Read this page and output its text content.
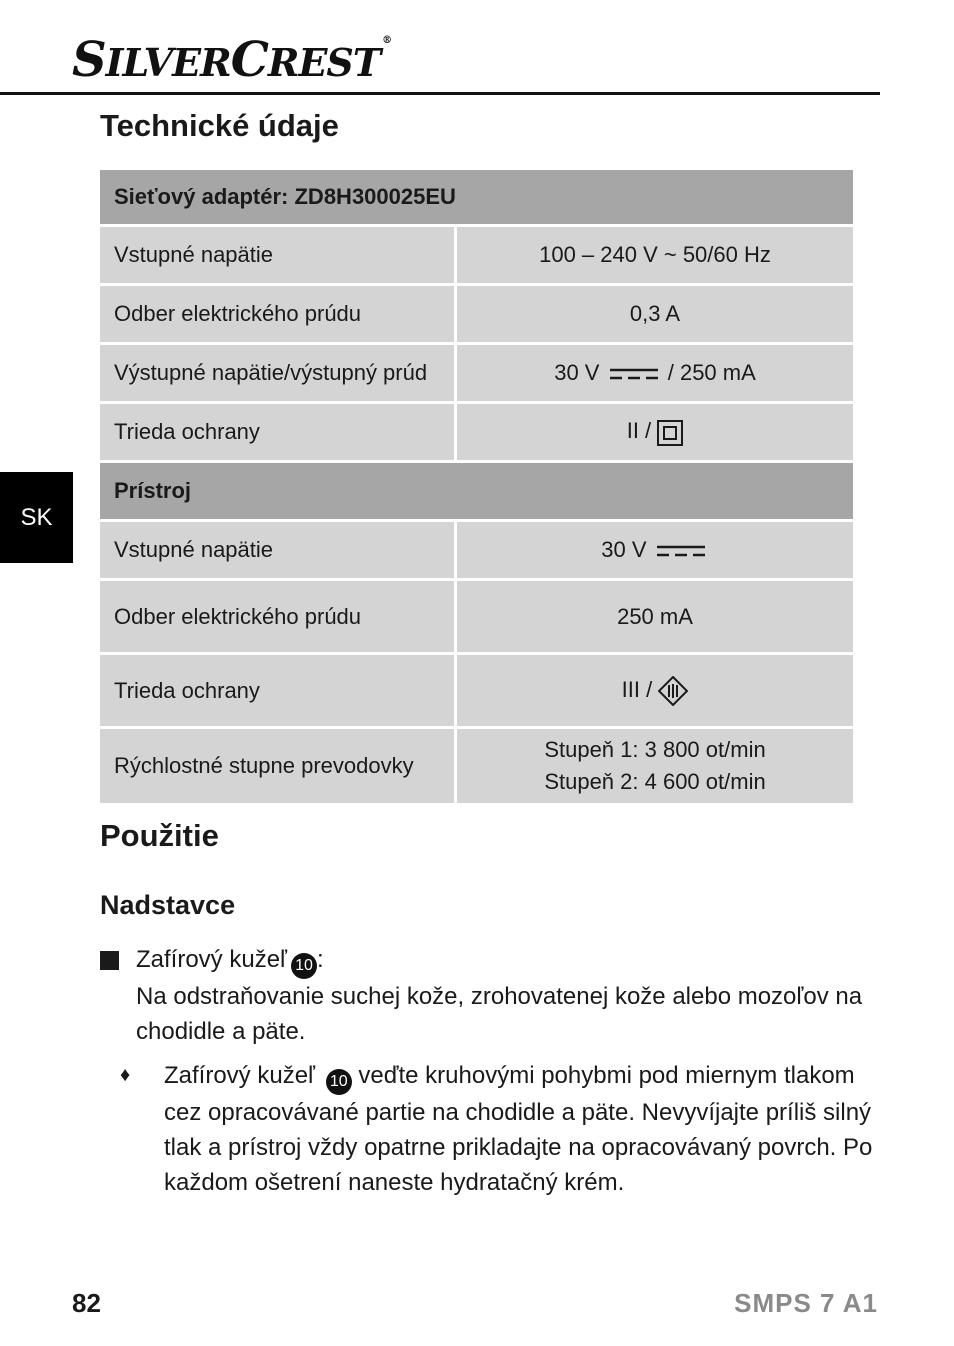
SILVERCREST ®
Technické údaje
Sieťový adaptér: ZD8H300025EU	
Vstupné napätie	100 – 240 V ~ 50/60 Hz
Odber elektrického prúdu	0,3 A
Výstupné napätie/výstupný prúd	30 V / 250 mA
Trieda ochrany	II /
Prístroj	
Vstupné napätie	30 V
Odber elektrického prúdu	250 mA
Trieda ochrany	III /
Rýchlostné stupne prevodovky	Stupeň 1: 3 800 ot/min
Stupeň 2: 4 600 ot/min
SK
Použitie
Nadstavce
Zafírový kužeľ 10 :
Na odstraňovanie suchej kože, zrohovatenej kože alebo mozoľov na chodidle a päte.
♦ Zafírový kužeľ 10 veďte kruhovými pohybmi pod miernym tlakom cez opracovávané partie na chodidle a päte. Nevyvíjajte príliš silný tlak a prístroj vždy opatrne prikladajte na opracovávaný povrch. Po každom ošetrení naneste hydratačný krém.
82	SMPS 7 A1
